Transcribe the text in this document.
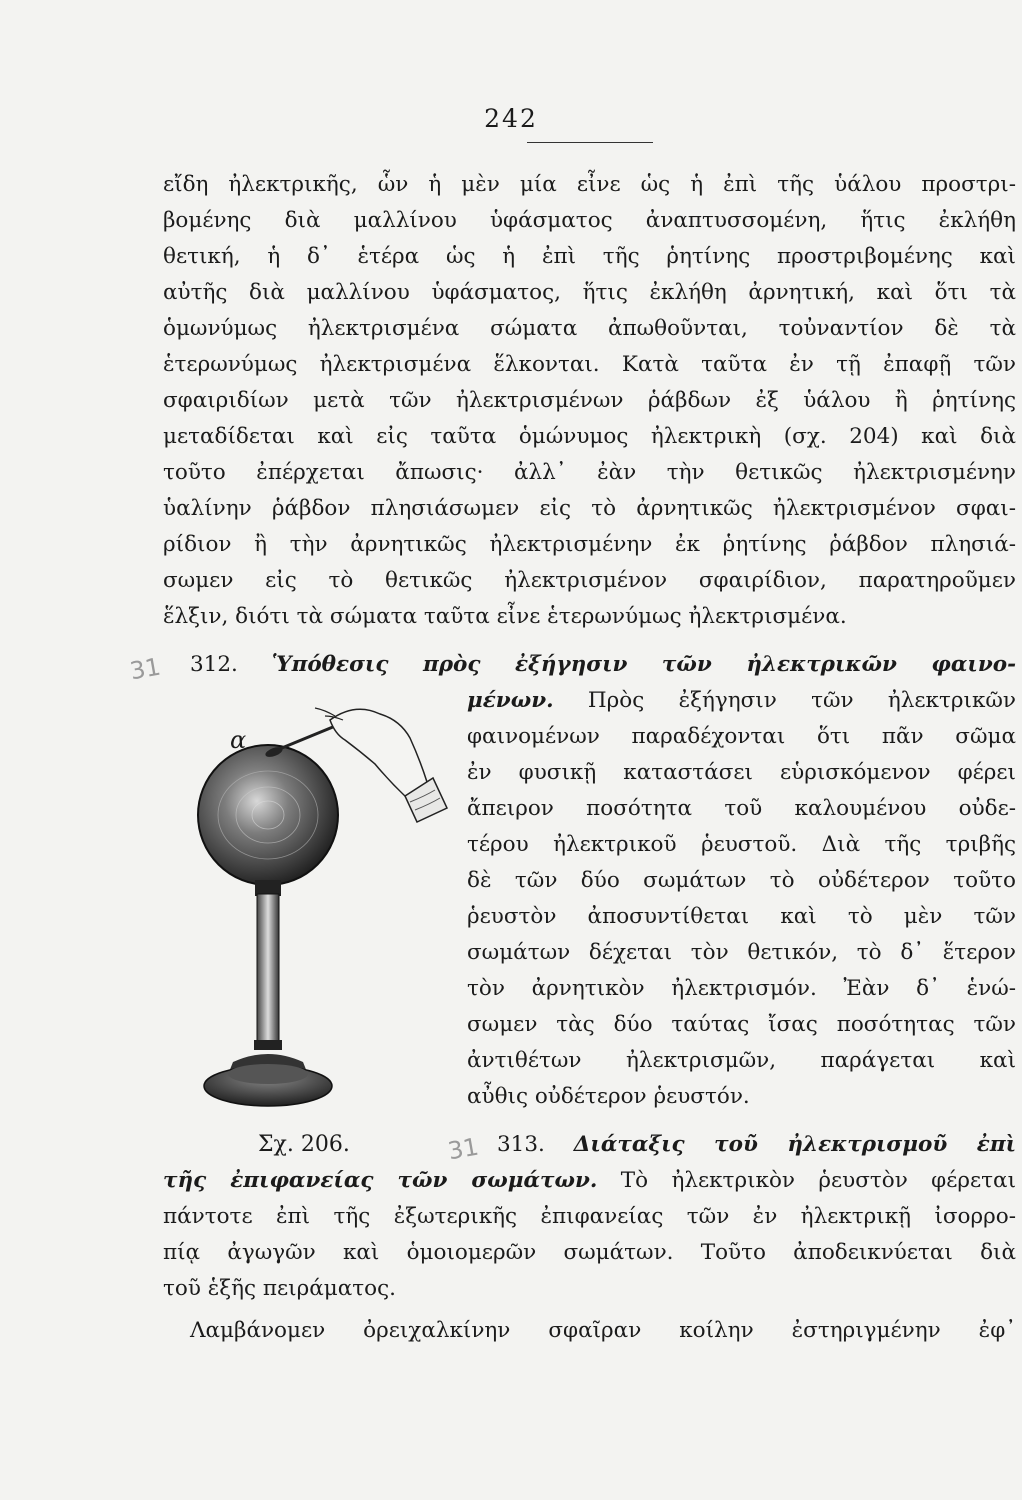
242
εἴδη ἠλεκτρικῆς, ὧν ἡ μὲν μία εἶνε ὡς ἡ ἐπὶ τῆς ὑάλου προστρι-
βομένης διὰ μαλλίνου ὑφάσματος ἀναπτυσσομένη, ἥτις ἐκλήθη
θετική, ἡ δ᾽ ἑτέρα ὡς ἡ ἐπὶ τῆς ῥητίνης προστριβομένης καὶ
αὐτῆς διὰ μαλλίνου ὑφάσματος, ἥτις ἐκλήθη ἀρνητική, καὶ ὅτι τὰ
ὁμωνύμως ἠλεκτρισμένα σώματα ἀπωθοῦνται, τοὐναντίον δὲ τὰ
ἑτερωνύμως ἠλεκτρισμένα ἕλκονται. Κατὰ ταῦτα ἐν τῇ ἐπαφῇ τῶν
σφαιριδίων μετὰ τῶν ἠλεκτρισμένων ῥάβδων ἐξ ὑάλου ἢ ῥητίνης
μεταδίδεται καὶ εἰς ταῦτα ὁμώνυμος ἠλεκτρικὴ (σχ. 204) καὶ διὰ
τοῦτο ἐπέρχεται ἄπωσις· ἀλλ᾽ ἐὰν τὴν θετικῶς ἠλεκτρισμένην
ὑαλίνην ῥάβδον πλησιάσωμεν εἰς τὸ ἀρνητικῶς ἠλεκτρισμένον σφαι-
ρίδιον ἢ τὴν ἀρνητικῶς ἠλεκτρισμένην ἐκ ῥητίνης ῥάβδον πλησιά-
σωμεν εἰς τὸ θετικῶς ἠλεκτρισμένον σφαιρίδιον, παρατηροῦμεν
ἕλξιν, διότι τὰ σώματα ταῦτα εἶνε ἑτερωνύμως ἠλεκτρισμένα.
31 312. Ὑπόθεσις πρὸς ἐξήγησιν τῶν ἠλεκτρικῶν φαινο-
μένων. Πρὸς ἐξήγησιν τῶν ἠλεκτρικῶν
φαινομένων παραδέχονται ὅτι πᾶν σῶμα
ἐν φυσικῇ καταστάσει εὑρισκόμενον φέρει
ἄπειρον ποσότητα τοῦ καλουμένου οὐδε-
τέρου ἠλεκτρικοῦ ῥευστοῦ. Διὰ τῆς τριβῆς
δὲ τῶν δύο σωμάτων τὸ οὐδέτερον τοῦτο
ῥευστὸν ἀποσυντίθεται καὶ τὸ μὲν τῶν
σωμάτων δέχεται τὸν θετικόν, τὸ δ᾽ ἕτερον
τὸν ἀρνητικὸν ἠλεκτρισμόν. Ἐὰν δ᾽ ἑνώ-
σωμεν τὰς δύο ταύτας ἴσας ποσότητας τῶν
ἀντιθέτων ἠλεκτρισμῶν, παράγεται καὶ
αὖθις οὐδέτερον ῥευστόν.
α
Σχ. 206.	31 313. Διάταξις τοῦ ἠλεκτρισμοῦ ἐπὶ
τῆς ἐπιφανείας τῶν σωμάτων. Τὸ ἠλεκτρικὸν ῥευστὸν φέρεται
πάντοτε ἐπὶ τῆς ἐξωτερικῆς ἐπιφανείας τῶν ἐν ἠλεκτρικῇ ἰσορρο-
πίᾳ ἀγωγῶν καὶ ὁμοιομερῶν σωμάτων. Τοῦτο ἀποδεικνύεται διὰ
τοῦ ἑξῆς πειράματος.
Λαμβάνομεν ὀρειχαλκίνην σφαῖραν κοίλην ἐστηριγμένην ἐφ᾽
